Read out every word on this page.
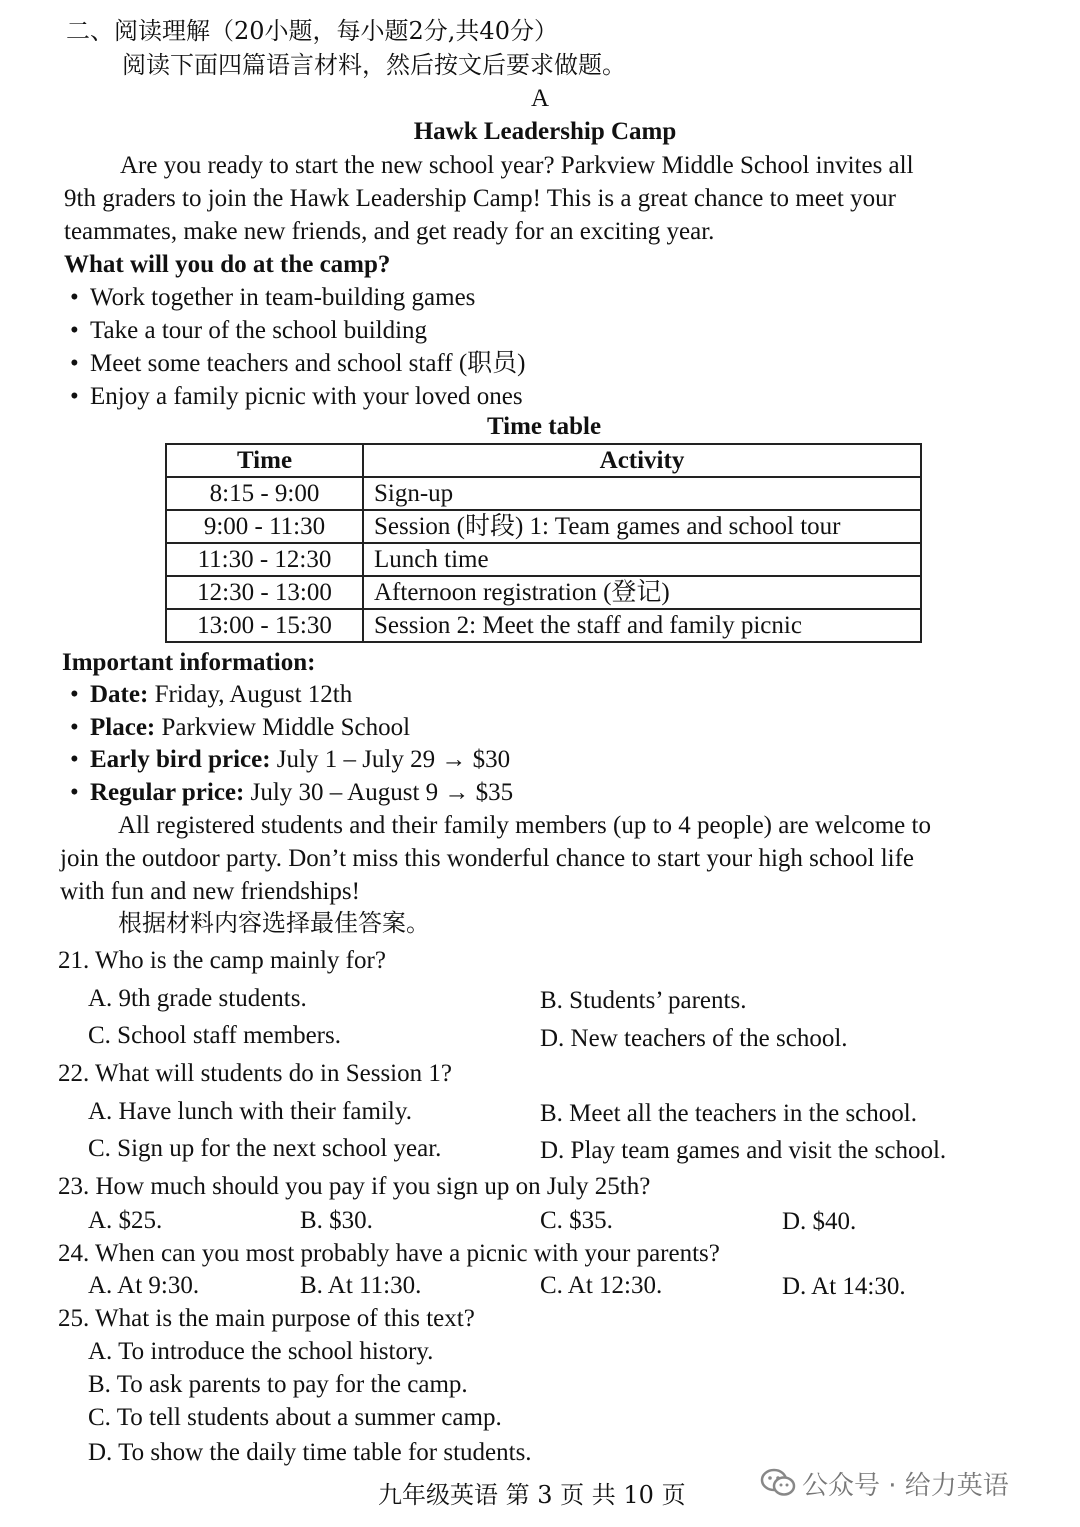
二、阅读理解（20小题，每小题2分,共40分）
阅读下面四篇语言材料，然后按文后要求做题。
A
Hawk Leadership Camp
Are you ready to start the new school year? Parkview Middle School invites all
9th graders to join the Hawk Leadership Camp! This is a great chance to meet your
teammates, make new friends, and get ready for an exciting year.
What will you do at the camp?
• Work together in team-building games
• Take a tour of the school building
• Meet some teachers and school staff (职员)
• Enjoy a family picnic with your loved ones
Time table
Time	Activity
8:15 - 9:00	Sign-up
9:00 - 11:30	Session (时段) 1: Team games and school tour
11:30 - 12:30	Lunch time
12:30 - 13:00	Afternoon registration (登记)
13:00 - 15:30	Session 2: Meet the staff and family picnic
Important information:
• Date: Friday, August 12th
• Place: Parkview Middle School
• Early bird price: July 1 – July 29 → $30
• Regular price: July 30 – August 9 → $35
All registered students and their family members (up to 4 people) are welcome to
join the outdoor party. Don’t miss this wonderful chance to start your high school life
with fun and new friendships!
根据材料内容选择最佳答案。
21. Who is the camp mainly for?
A. 9th grade students.	B. Students’ parents.
C. School staff members.	D. New teachers of the school.
22. What will students do in Session 1?
A. Have lunch with their family.	B. Meet all the teachers in the school.
C. Sign up for the next school year.	D. Play team games and visit the school.
23. How much should you pay if you sign up on July 25th?
A. $25.	B. $30.	C. $35.	D. $40.
24. When can you most probably have a picnic with your parents?
A. At 9:30.	B. At 11:30.	C. At 12:30.	D. At 14:30.
25. What is the main purpose of this text?
A. To introduce the school history.
B. To ask parents to pay for the camp.
C. To tell students about a summer camp.
D. To show the daily time table for students.
九年级英语 第 3 页 共 10 页	公众号 · 给力英语
